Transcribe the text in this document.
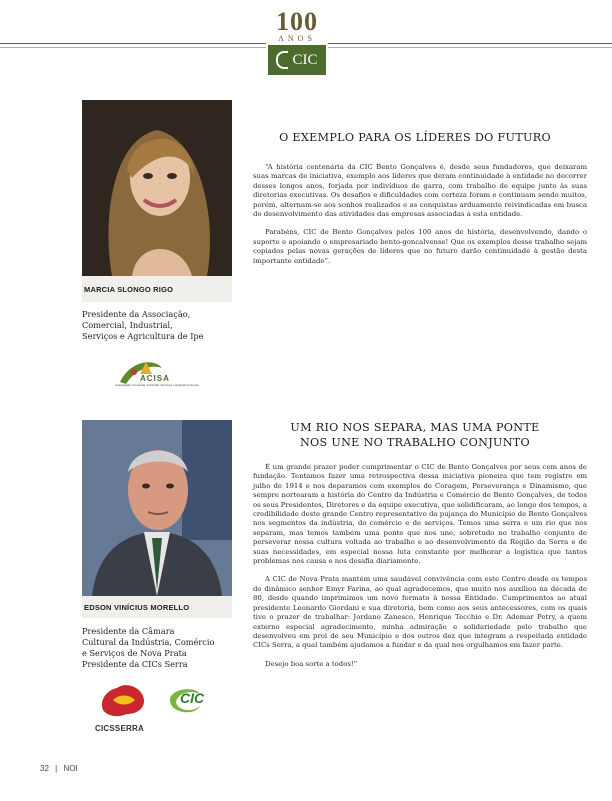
100
ANOS
CIC
MARCIA SLONGO RIGO
Presidente da Associação,
Comercial, Industrial,
Serviços e Agricultura de Ipe
ACISA
Associação Comercial, Industrial, Serviços e Agricultura de Ipê
O EXEMPLO PARA OS LÍDERES DO FUTURO

“A história centenária da CIC Bento Gonçalves é, desde seus fundadores, que deixaram suas marcas de iniciativa, exemplo aos líderes que deram continuidade à entidade no decorrer desses longos anos, forjada por indivíduos de garra, com trabalho de equipe junto às suas diretorias executivas. Os desafios e dificuldades com certeza foram e continuam sendo muitos, porém, alternam-se aos sonhos realizados e as conquistas arduamente reivindicadas em busca do desenvolvimento das atividades das empresas associadas a esta entidade.

Parabéns, CIC de Bento Gonçalves pelos 100 anos de história, desenvolvendo, dando o suporte e apoiando o empresariado bento-goncalvense! Que os exemplos desse trabalho sejam copiados pelas novas gerações de líderes que no futuro darão continuidade à gestão desta importante entidade”.

EDSON VINÍCIUS MORELLO
Presidente da Câmara
Cultural da Indústria, Comércio
e Serviços de Nova Prata
Presidente da CICs Serra
CICSSERRA
CIC
UM RIO NOS SEPARA, MAS UMA PONTE
NOS UNE NO TRABALHO CONJUNTO

É um grande prazer poder cumprimentar o CIC de Bento Gonçalves por seus cem anos de fundação. Tentamos fazer uma retrospectiva dessa iniciativa pioneira que tem registro em julho de 1914 e nos deparamos com exemplos de Coragem, Perseverança e Dinamismo, que sempre nortearam a história do Centro da Indústria e Comércio de Bento Gonçalves, de todos os seus Presidentes, Diretores e da equipe executiva, que solidificaram, ao longo dos tempos, a credibilidade deste grande Centro representativo da pujança do Município de Bento Gonçalves nos segmentos da indústria, do comércio e de serviços. Temos uma serra e um rio que nos separam, mas temos também uma ponte que nos une, sobretudo no trabalho conjunto de perseverar nossa cultura voltada ao trabalho e ao desenvolvimento da Região da Serra e de suas necessidades, em especial nossa luta constante por melhorar a logística que tantos problemas nos causa e nos desafia diariamente.

A CIC de Nova Prata mantém uma saudável convivência com este Centro desde os tempos do dinâmico senhor Emyr Farina, ao qual agradecemos, que muito nos auxiliou na década de 80, desde quando imprimimos um novo formato à nossa Entidade. Cumprimentos ao atual presidente Leonardo Giordani e sua diretoria, bem como aos seus antecessores, com os quais tive o prazer de trabalhar: Jordano Zanesco, Henrique Tecchio e Dr. Ademar Petry, a quem externo especial agradecimento, minha admiração e solidariedade pelo trabalho que desenvolveu em prol de seu Município e dos outros dez que integram a respeitada entidade CICs Serra, a qual também ajudamos a fundar e da qual nos orgulhamos em fazer parte.

Desejo boa sorte a todos!”

32 | NOI
